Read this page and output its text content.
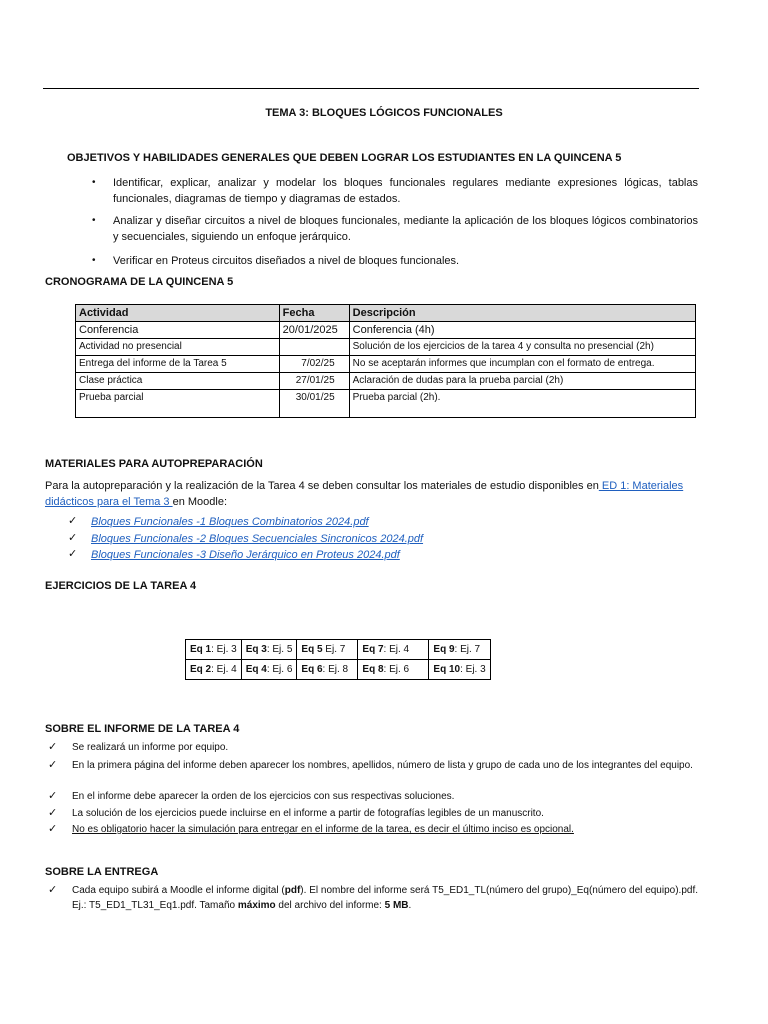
TEMA 3: BLOQUES LÓGICOS FUNCIONALES
OBJETIVOS Y HABILIDADES GENERALES QUE DEBEN LOGRAR LOS ESTUDIANTES EN LA QUINCENA 5
• Identificar, explicar, analizar y modelar los bloques funcionales regulares mediante expresiones lógicas, tablas funcionales, diagramas de tiempo y diagramas de estados.
• Analizar y diseñar circuitos a nivel de bloques funcionales, mediante la aplicación de los bloques lógicos combinatorios y secuenciales, siguiendo un enfoque jerárquico.
• Verificar en Proteus circuitos diseñados a nivel de bloques funcionales.
CRONOGRAMA DE LA QUINCENA 5
Actividad	Fecha	Descripción
Conferencia	20/01/2025	Conferencia (4h)
Actividad no presencial		Solución de los ejercicios de la tarea 4 y consulta no presencial (2h)
Entrega del informe de la Tarea 5	7/02/25	No se aceptarán informes que incumplan con el formato de entrega.
Clase práctica	27/01/25	Aclaración de dudas para la prueba parcial (2h)
Prueba parcial	30/01/25	Prueba parcial (2h).
MATERIALES PARA AUTOPREPARACIÓN
Para la autopreparación y la realización de la Tarea 4 se deben consultar los materiales de estudio disponibles en ED 1: Materiales didácticos para el Tema 3 en Moodle:
✓ Bloques Funcionales -1 Bloques Combinatorios 2024.pdf
✓ Bloques Funcionales -2 Bloques Secuenciales Sincronicos 2024.pdf
✓ Bloques Funcionales -3 Diseño Jerárquico en Proteus 2024.pdf
EJERCICIOS DE LA TAREA 4
Eq 1: Ej. 3	Eq 3: Ej. 5	Eq 5 Ej. 7	Eq 7: Ej. 4	Eq 9: Ej. 7
Eq 2: Ej. 4	Eq 4: Ej. 6	Eq 6: Ej. 8	Eq 8: Ej. 6	Eq 10: Ej. 3
SOBRE EL INFORME DE LA TAREA 4
✓ Se realizará un informe por equipo.
✓ En la primera página del informe deben aparecer los nombres, apellidos, número de lista y grupo de cada uno de los integrantes del equipo.
✓ En el informe debe aparecer la orden de los ejercicios con sus respectivas soluciones.
✓ La solución de los ejercicios puede incluirse en el informe a partir de fotografías legibles de un manuscrito.
✓ No es obligatorio hacer la simulación para entregar en el informe de la tarea, es decir el último inciso es opcional.
SOBRE LA ENTREGA
✓ Cada equipo subirá a Moodle el informe digital (pdf). El nombre del informe será T5_ED1_TL(número del grupo)_Eq(número del equipo).pdf. Ej.: T5_ED1_TL31_Eq1.pdf. Tamaño máximo del archivo del informe: 5 MB.
